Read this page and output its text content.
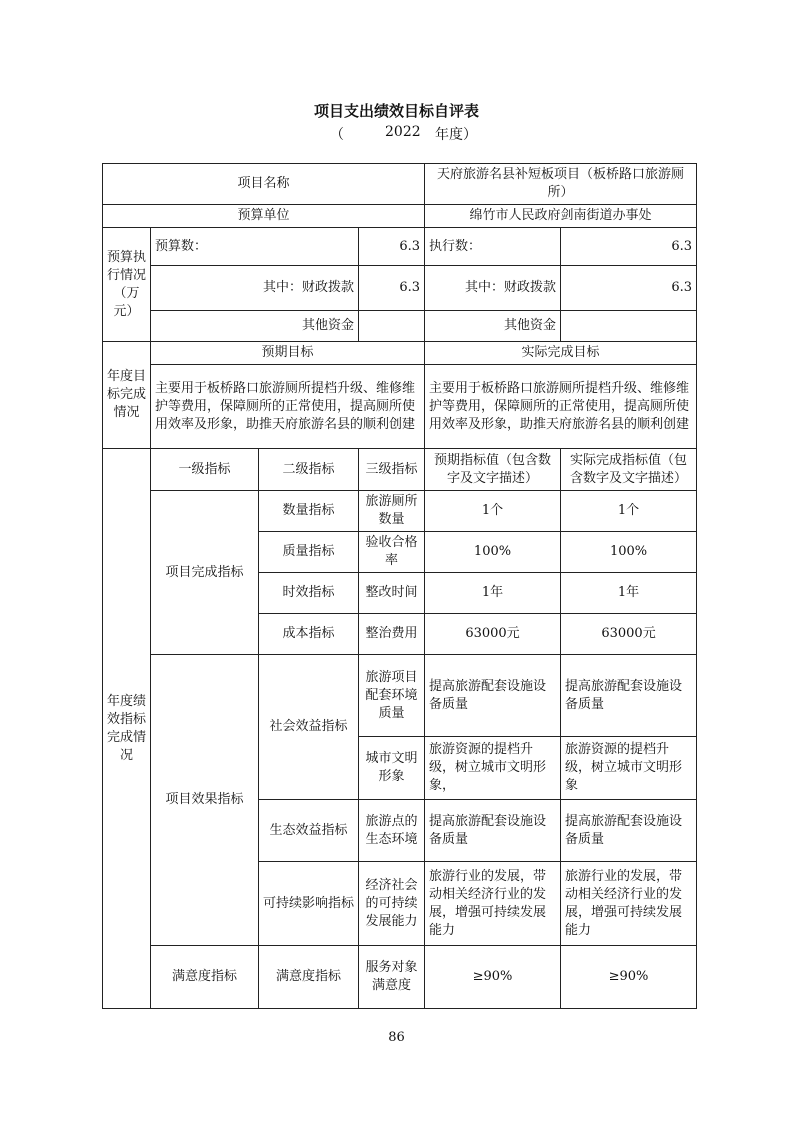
项目支出绩效目标自评表
（	2022 年度）
项目名称				天府旅游名县补短板项目（板桥路口旅游厕所）	
预算单位				绵竹市人民政府剑南街道办事处	
预算执行情况（万元）	预算数：		6.3	执行数：	6.3
	其中：财政拨款		6.3	其中：财政拨款	6.3
	其他资金			其他资金	
年度目标完成情况	预期目标			实际完成目标	
	主要用于板桥路口旅游厕所提档升级、维修维护等费用，保障厕所的正常使用，提高厕所使用效率及形象，助推天府旅游名县的顺利创建			主要用于板桥路口旅游厕所提档升级、维修维护等费用，保障厕所的正常使用，提高厕所使用效率及形象，助推天府旅游名县的顺利创建	
年度绩效指标完成情况	一级指标	二级指标	三级指标	预期指标值（包含数字及文字描述）	实际完成指标值（包含数字及文字描述）
	项目完成指标	数量指标	旅游厕所数量	1个	1个
		质量指标	验收合格率	100%	100%
		时效指标	整改时间	1年	1年
		成本指标	整治费用	63000元	63000元
	项目效果指标	社会效益指标	旅游项目配套环境质量	提高旅游配套设施设备质量	提高旅游配套设施设备质量
			城市文明形象	旅游资源的提档升级，树立城市文明形象，	旅游资源的提档升级，树立城市文明形象
		生态效益指标	旅游点的生态环境	提高旅游配套设施设备质量	提高旅游配套设施设备质量
		可持续影响指标	经济社会的可持续发展能力	旅游行业的发展，带动相关经济行业的发展，增强可持续发展能力	旅游行业的发展，带动相关经济行业的发展，增强可持续发展能力
	满意度指标	满意度指标	服务对象满意度	≥90%	≥90%
86
